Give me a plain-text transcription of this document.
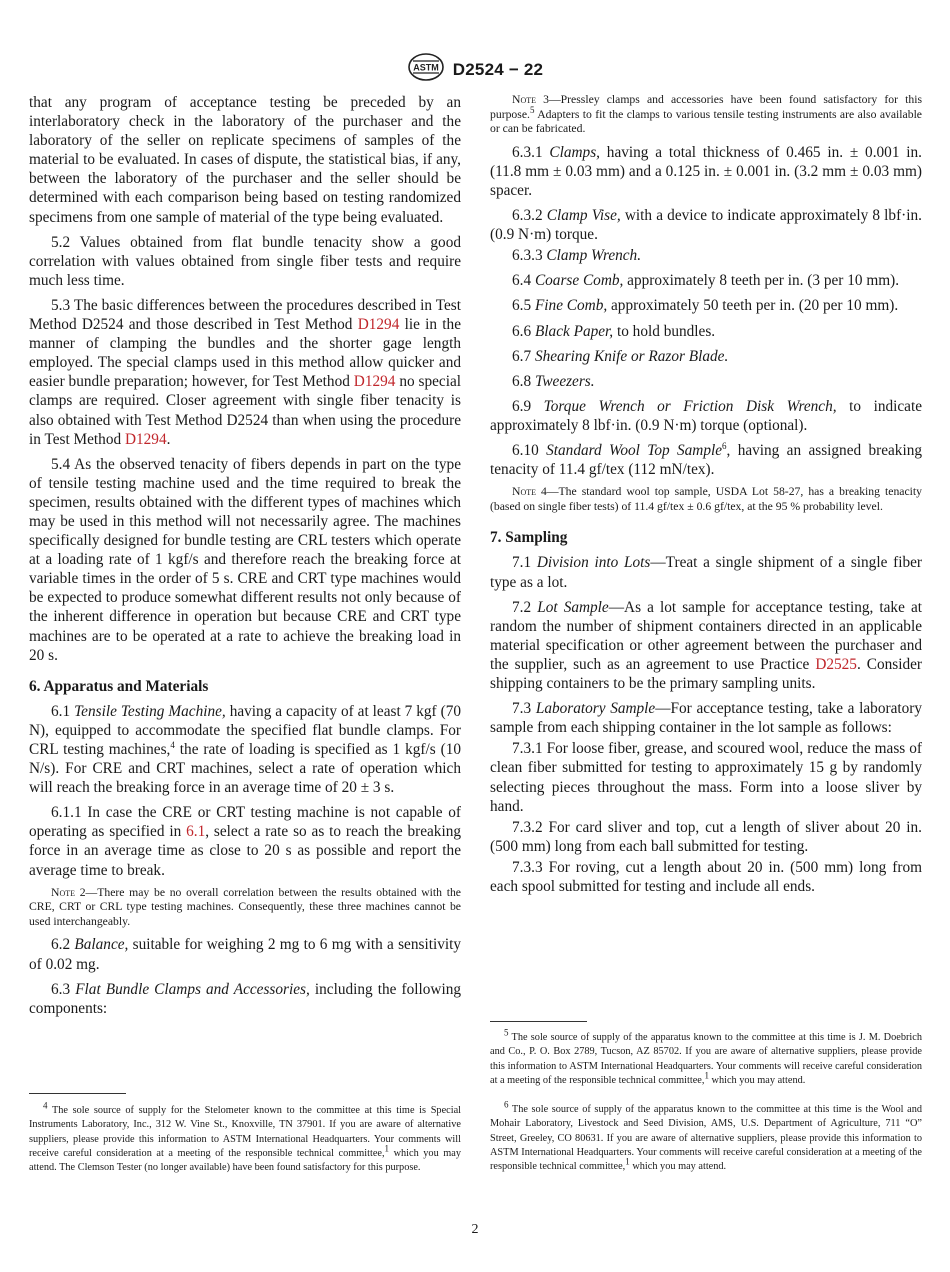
ASTM D2524 − 22

that any program of acceptance testing be preceded by an interlaboratory check in the laboratory of the purchaser and the laboratory of the seller on replicate specimens of samples of the material to be evaluated. In cases of dispute, the statistical bias, if any, between the laboratory of the purchaser and the seller should be determined with each comparison being based on testing randomized specimens from one sample of material of the type being evaluated.

5.2 Values obtained from flat bundle tenacity show a good correlation with values obtained from single fiber tests and require much less time.

5.3 The basic differences between the procedures described in Test Method D2524 and those described in Test Method D1294 lie in the manner of clamping the bundles and the shorter gage length employed. The special clamps used in this method allow quicker and easier bundle preparation; however, for Test Method D1294 no special clamps are required. Closer agreement with single fiber tenacity is also obtained with Test Method D2524 than when using the procedure in Test Method D1294.

5.4 As the observed tenacity of fibers depends in part on the type of tensile testing machine used and the time required to break the specimen, results obtained with the different types of machines which may be used in this method will not necessarily agree. The machines specifically designed for bundle testing are CRL testers which operate at a loading rate of 1 kgf/s and therefore reach the breaking force at variable times in the order of 5 s. CRE and CRT type machines would be expected to produce somewhat different results not only because of the inherent difference in operation but because CRE and CRT type machines are to be operated at a rate to achieve the breaking load in 20 s.

6. Apparatus and Materials

6.1 Tensile Testing Machine, having a capacity of at least 7 kgf (70 N), equipped to accommodate the specified flat bundle clamps. For CRL testing machines,$^4$ the rate of loading is specified as 1 kgf/s (10 N/s). For CRE and CRT machines, select a rate of operation which will reach the breaking force in an average time of 20 ± 3 s.

6.1.1 In case the CRE or CRT testing machine is not capable of operating as specified in 6.1, select a rate so as to reach the breaking force in an average time as close to 20 s as possible and report the average time to break.

Note 2—There may be no overall correlation between the results obtained with the CRE, CRT or CRL type testing machines. Consequently, these three machines cannot be used interchangeably.

6.2 Balance, suitable for weighing 2 mg to 6 mg with a sensitivity of 0.02 mg.

6.3 Flat Bundle Clamps and Accessories, including the following components:

$^4$ The sole source of supply for the Stelometer known to the committee at this time is Special Instruments Laboratory, Inc., 312 W. Vine St., Knoxville, TN 37901. If you are aware of alternative suppliers, please provide this information to ASTM International Headquarters. Your comments will receive careful consideration at a meeting of the responsible technical committee,$^1$ which you may attend. The Clemson Tester (no longer available) have been found satisfactory for this purpose.

Note 3—Pressley clamps and accessories have been found satisfactory for this purpose.$^5$ Adapters to fit the clamps to various tensile testing instruments are also available or can be fabricated.

6.3.1 Clamps, having a total thickness of 0.465 in. ± 0.001 in. (11.8 mm ± 0.03 mm) and a 0.125 in. ± 0.001 in. (3.2 mm ± 0.03 mm) spacer.

6.3.2 Clamp Vise, with a device to indicate approximately 8 lbf·in. (0.9 N·m) torque.

6.3.3 Clamp Wrench.

6.4 Coarse Comb, approximately 8 teeth per in. (3 per 10 mm).

6.5 Fine Comb, approximately 50 teeth per in. (20 per 10 mm).

6.6 Black Paper, to hold bundles.

6.7 Shearing Knife or Razor Blade.

6.8 Tweezers.

6.9 Torque Wrench or Friction Disk Wrench, to indicate approximately 8 lbf·in. (0.9 N·m) torque (optional).

6.10 Standard Wool Top Sample$^6$, having an assigned breaking tenacity of 11.4 gf/tex (112 mN/tex).

Note 4—The standard wool top sample, USDA Lot 58-27, has a breaking tenacity (based on single fiber tests) of 11.4 gf/tex ± 0.6 gf/tex, at the 95 % probability level.

7. Sampling

7.1 Division into Lots—Treat a single shipment of a single fiber type as a lot.

7.2 Lot Sample—As a lot sample for acceptance testing, take at random the number of shipment containers directed in an applicable material specification or other agreement between the purchaser and the supplier, such as an agreement to use Practice D2525. Consider shipping containers to be the primary sampling units.

7.3 Laboratory Sample—For acceptance testing, take a laboratory sample from each shipping container in the lot sample as follows:

7.3.1 For loose fiber, grease, and scoured wool, reduce the mass of clean fiber submitted for testing to approximately 15 g by randomly selecting pieces throughout the mass. Form into a loose sliver by hand.

7.3.2 For card sliver and top, cut a length of sliver about 20 in. (500 mm) long from each ball submitted for testing.

7.3.3 For roving, cut a length about 20 in. (500 mm) long from each spool submitted for testing and include all ends.

$^5$ The sole source of supply of the apparatus known to the committee at this time is J. M. Doebrich and Co., P. O. Box 2789, Tucson, AZ 85702. If you are aware of alternative suppliers, please provide this information to ASTM International Headquarters. Your comments will receive careful consideration at a meeting of the responsible technical committee,$^1$ which you may attend.

$^6$ The sole source of supply of the apparatus known to the committee at this time is the Wool and Mohair Laboratory, Livestock and Seed Division, AMS, U.S. Department of Agriculture, 711 “O” Street, Greeley, CO 80631. If you are aware of alternative suppliers, please provide this information to ASTM International Headquarters. Your comments will receive careful consideration at a meeting of the responsible technical committee,$^1$ which you may attend.

2
